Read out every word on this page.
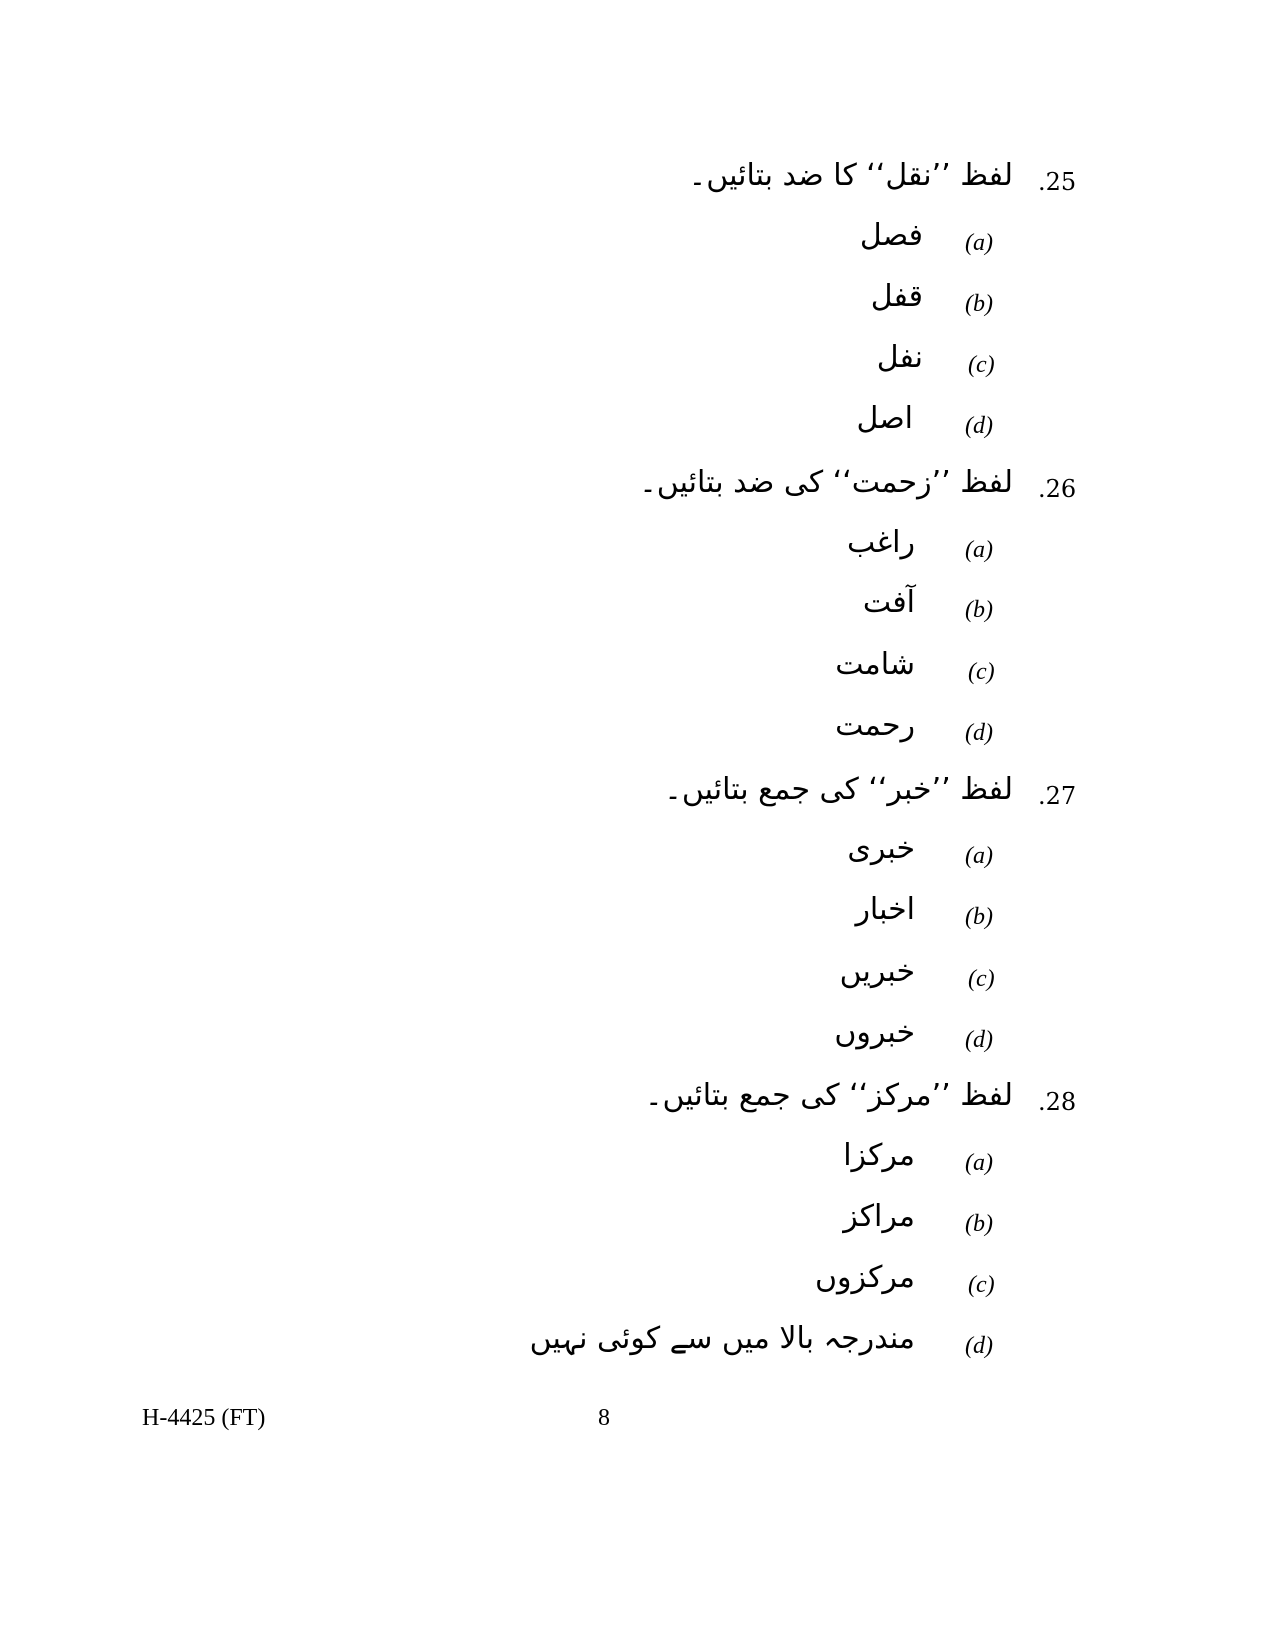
.25
لفظ ’’نقل‘‘ کا ضد بتائیں۔
(a)
فصل
(b)
قفل
(c)
نفل
(d)
اصل
.26
لفظ ’’زحمت‘‘ کی ضد بتائیں۔
(a)
راغب
(b)
آفت
(c)
شامت
(d)
رحمت
.27
لفظ ’’خبر‘‘ کی جمع بتائیں۔
(a)
خبری
(b)
اخبار
(c)
خبریں
(d)
خبروں
.28
لفظ ’’مرکز‘‘ کی جمع بتائیں۔
(a)
مرکزا
(b)
مراکز
(c)
مرکزوں
(d)
مندرجہ بالا میں سے کوئی نہیں
H-4425 (FT)	8
